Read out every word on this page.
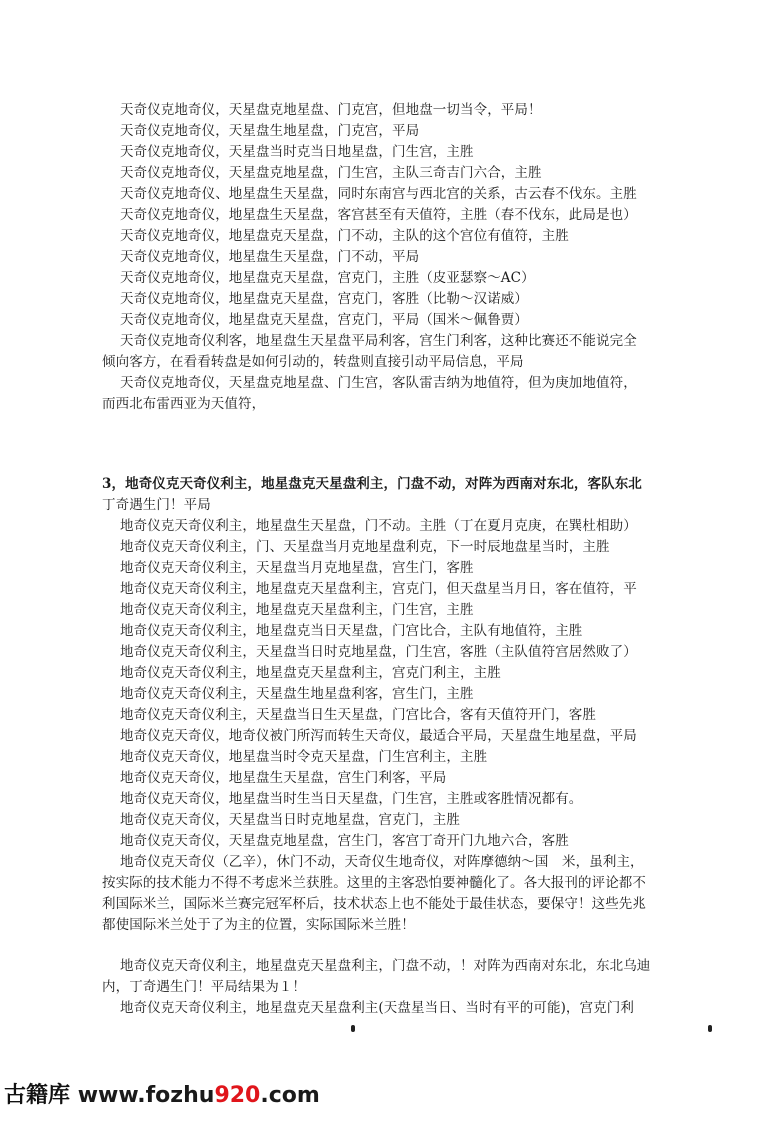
天奇仪克地奇仪，天星盘克地星盘、门克宫，但地盘一切当令，平局！
天奇仪克地奇仪，天星盘生地星盘，门克宫，平局
天奇仪克地奇仪，天星盘当时克当日地星盘，门生宫，主胜
天奇仪克地奇仪，天星盘克地星盘，门生宫，主队三奇吉门六合，主胜
天奇仪克地奇仪、地星盘生天星盘，同时东南宫与西北宫的关系，古云春不伐东。主胜
天奇仪克地奇仪，地星盘生天星盘，客宫甚至有天值符，主胜（春不伐东，此局是也）
天奇仪克地奇仪，地星盘克天星盘，门不动，主队的这个宫位有值符，主胜
天奇仪克地奇仪，地星盘生天星盘，门不动，平局
天奇仪克地奇仪，地星盘克天星盘，宫克门，主胜（皮亚瑟察～AC）
天奇仪克地奇仪，地星盘克天星盘，宫克门，客胜（比勒～汉诺威）
天奇仪克地奇仪，地星盘克天星盘，宫克门，平局（国米～佩鲁贾）
天奇仪克地奇仪利客，地星盘生天星盘平局利客，宫生门利客，这种比赛还不能说完全
倾向客方，在看看转盘是如何引动的，转盘则直接引动平局信息，平局
天奇仪克地奇仪，天星盘克地星盘、门生宫，客队雷吉纳为地值符，但为庚加地值符，
而西北布雷西亚为天值符，
3，地奇仪克天奇仪利主，地星盘克天星盘利主，门盘不动，对阵为西南对东北，客队东北
丁奇遇生门！平局
地奇仪克天奇仪利主，地星盘生天星盘，门不动。主胜（丁在夏月克庚，在巽杜相助）
地奇仪克天奇仪利主，门、天星盘当月克地星盘利克，下一时辰地盘星当时，主胜
地奇仪克天奇仪利主，天星盘当月克地星盘，宫生门，客胜
地奇仪克天奇仪利主，地星盘克天星盘利主，宫克门，但天盘星当月日，客在值符，平
地奇仪克天奇仪利主，地星盘克天星盘利主，门生宫，主胜
地奇仪克天奇仪利主，地星盘克当日天星盘，门宫比合，主队有地值符，主胜
地奇仪克天奇仪利主，天星盘当日时克地星盘，门生宫，客胜（主队值符宫居然败了）
地奇仪克天奇仪利主，地星盘克天星盘利主，宫克门利主，主胜
地奇仪克天奇仪利主，天星盘生地星盘利客，宫生门，主胜
地奇仪克天奇仪利主，天星盘当日生天星盘，门宫比合，客有天值符开门，客胜
地奇仪克天奇仪，地奇仪被门所泻而转生天奇仪，最适合平局，天星盘生地星盘，平局
地奇仪克天奇仪，地星盘当时令克天星盘，门生宫利主，主胜
地奇仪克天奇仪，地星盘生天星盘，宫生门利客，平局
地奇仪克天奇仪，地星盘当时生当日天星盘，门生宫，主胜或客胜情况都有。
地奇仪克天奇仪，天星盘当日时克地星盘，宫克门，主胜
地奇仪克天奇仪，天星盘克地星盘，宫生门，客宫丁奇开门九地六合，客胜
地奇仪克天奇仪（乙辛），休门不动，天奇仪生地奇仪，对阵摩德纳～国　米，虽利主，
按实际的技术能力不得不考虑米兰获胜。这里的主客恐怕要神髓化了。各大报刊的评论都不
利国际米兰，国际米兰赛完冠军杯后，技术状态上也不能处于最佳状态，要保守！这些先兆
都使国际米兰处于了为主的位置，实际国际米兰胜！
地奇仪克天奇仪利主，地星盘克天星盘利主，门盘不动，！对阵为西南对东北，东北乌迪
内，丁奇遇生门！平局结果为１！
地奇仪克天奇仪利主，地星盘克天星盘利主(天盘星当日、当时有平的可能)，宫克门利
古籍库 www.fozhu920.com
